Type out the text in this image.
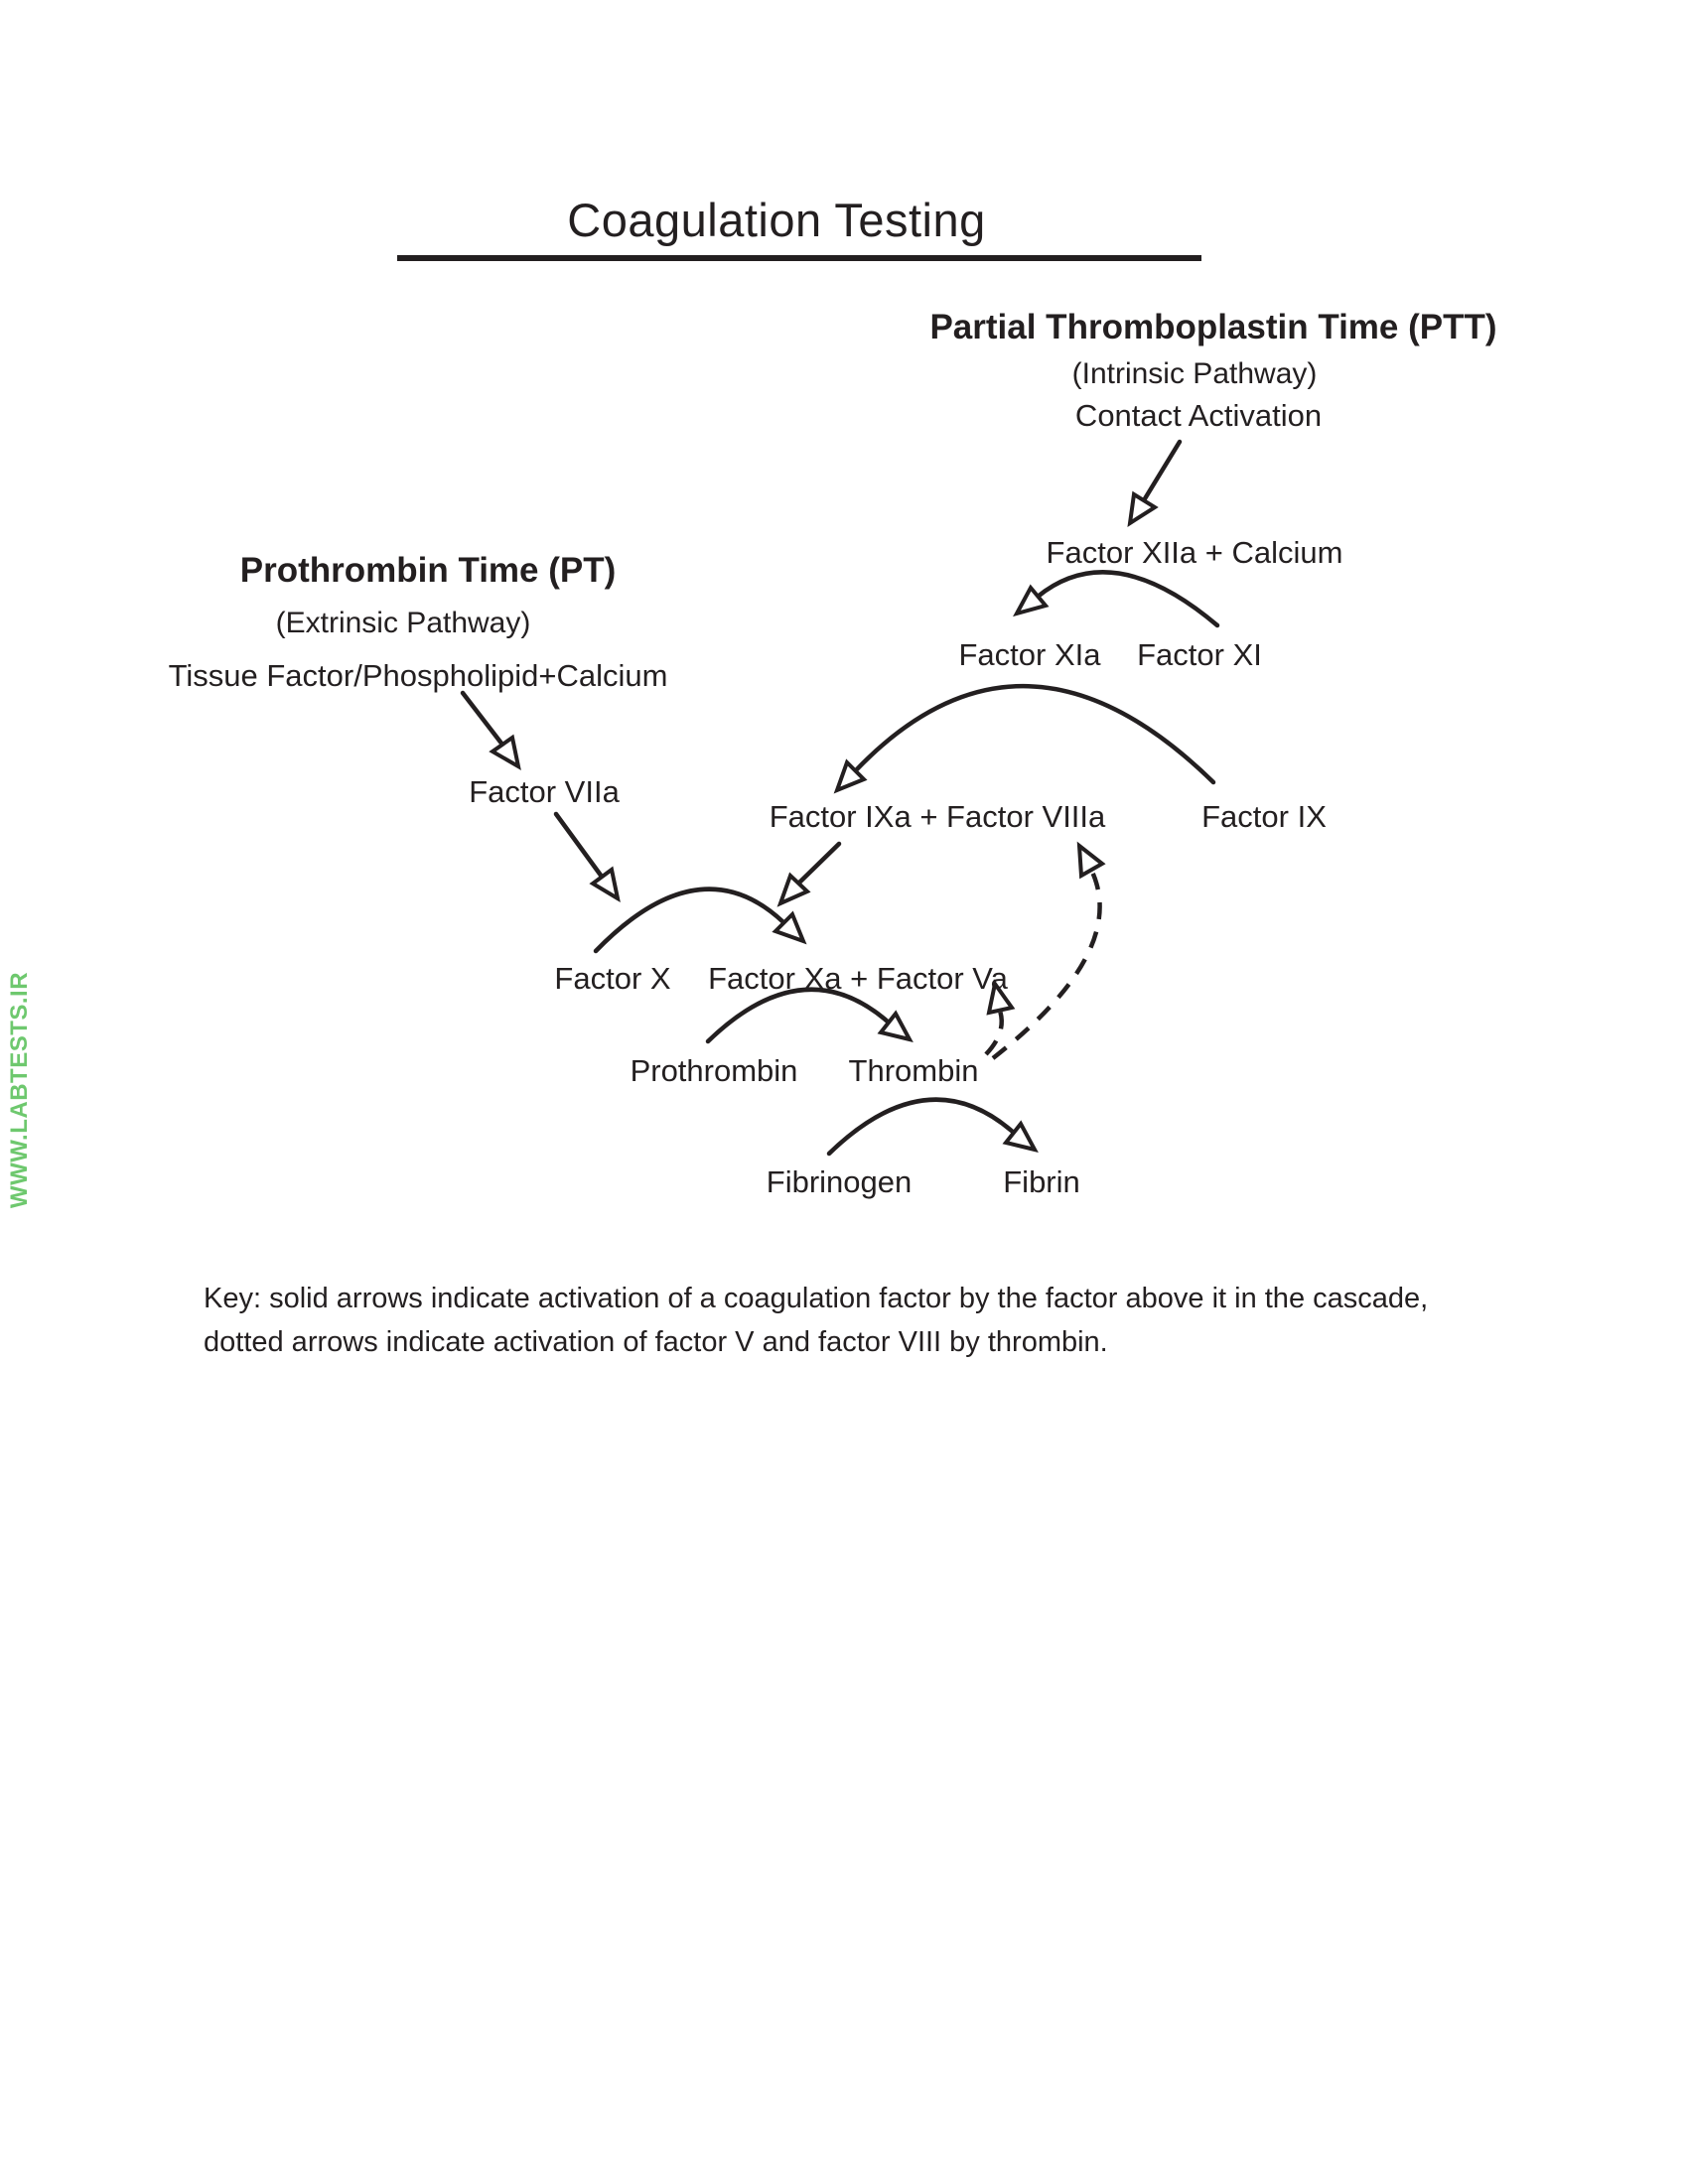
WWW.LABTESTS.IR
Coagulation Testing
Partial Thromboplastin Time (PTT)
(Intrinsic Pathway)
Contact Activation
Prothrombin Time (PT)
(Extrinsic Pathway)
Tissue Factor/Phospholipid+Calcium
Factor XIIa + Calcium
Factor XIa Factor XI
Factor VIIa
Factor IXa + Factor VIIIa	Factor IX
Factor X Factor Xa + Factor Va
Prothrombin Thrombin
Fibrinogen	Fibrin
Key: solid arrows indicate activation of a coagulation factor by the factor above it in the cascade,
dotted arrows indicate activation of factor V and factor VIII by thrombin.
